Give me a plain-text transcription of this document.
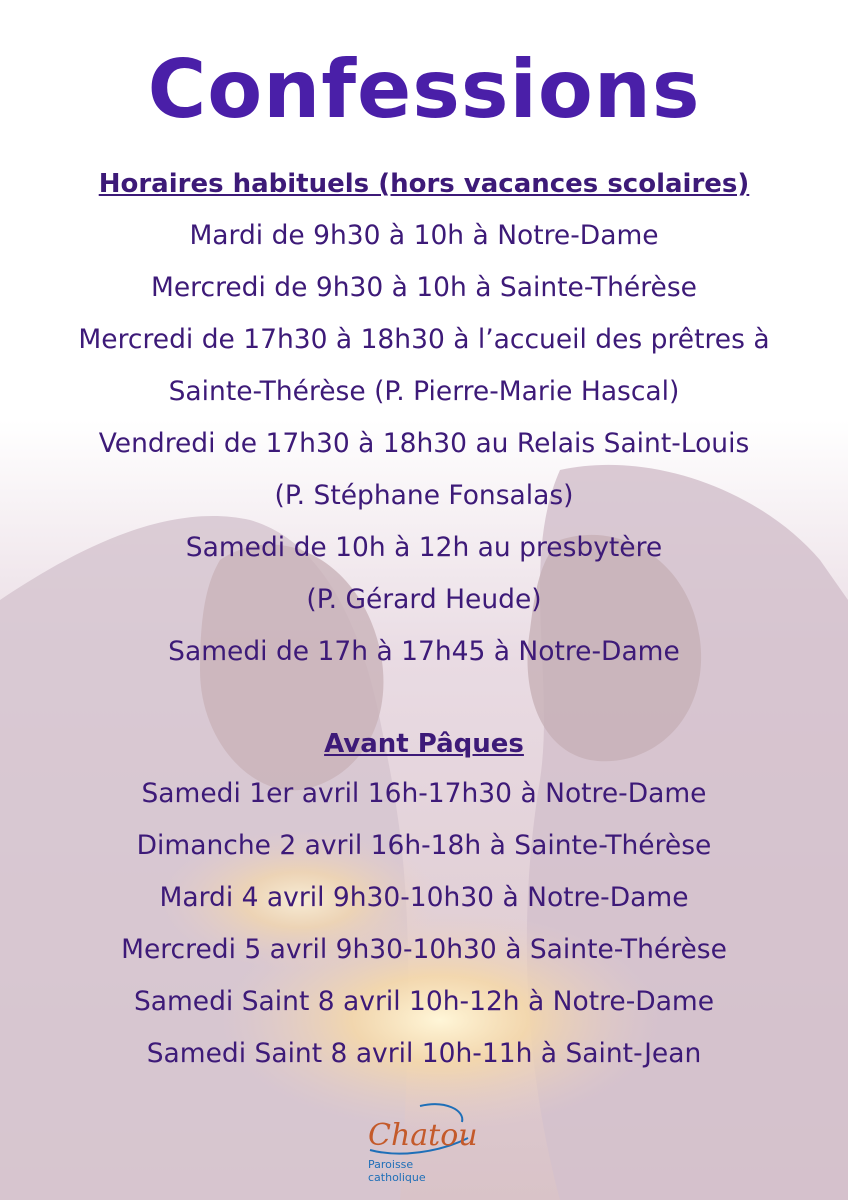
Confessions
Horaires habituels (hors vacances scolaires)
Mardi de 9h30 à 10h à Notre-Dame
Mercredi de 9h30 à 10h à Sainte-Thérèse
Mercredi de 17h30 à 18h30 à l’accueil des prêtres à
Sainte-Thérèse (P. Pierre-Marie Hascal)
Vendredi de 17h30 à 18h30 au Relais Saint-Louis
(P. Stéphane Fonsalas)
Samedi de 10h à 12h au presbytère
(P. Gérard Heude)
Samedi de 17h à 17h45 à Notre-Dame
Avant Pâques
Samedi 1er avril 16h-17h30 à Notre-Dame
Dimanche 2 avril 16h-18h à Sainte-Thérèse
Mardi 4 avril 9h30-10h30 à Notre-Dame
Mercredi 5 avril 9h30-10h30 à Sainte-Thérèse
Samedi Saint 8 avril 10h-12h à Notre-Dame
Samedi Saint 8 avril 10h-11h à Saint-Jean
Chatou
Paroisse
catholique
